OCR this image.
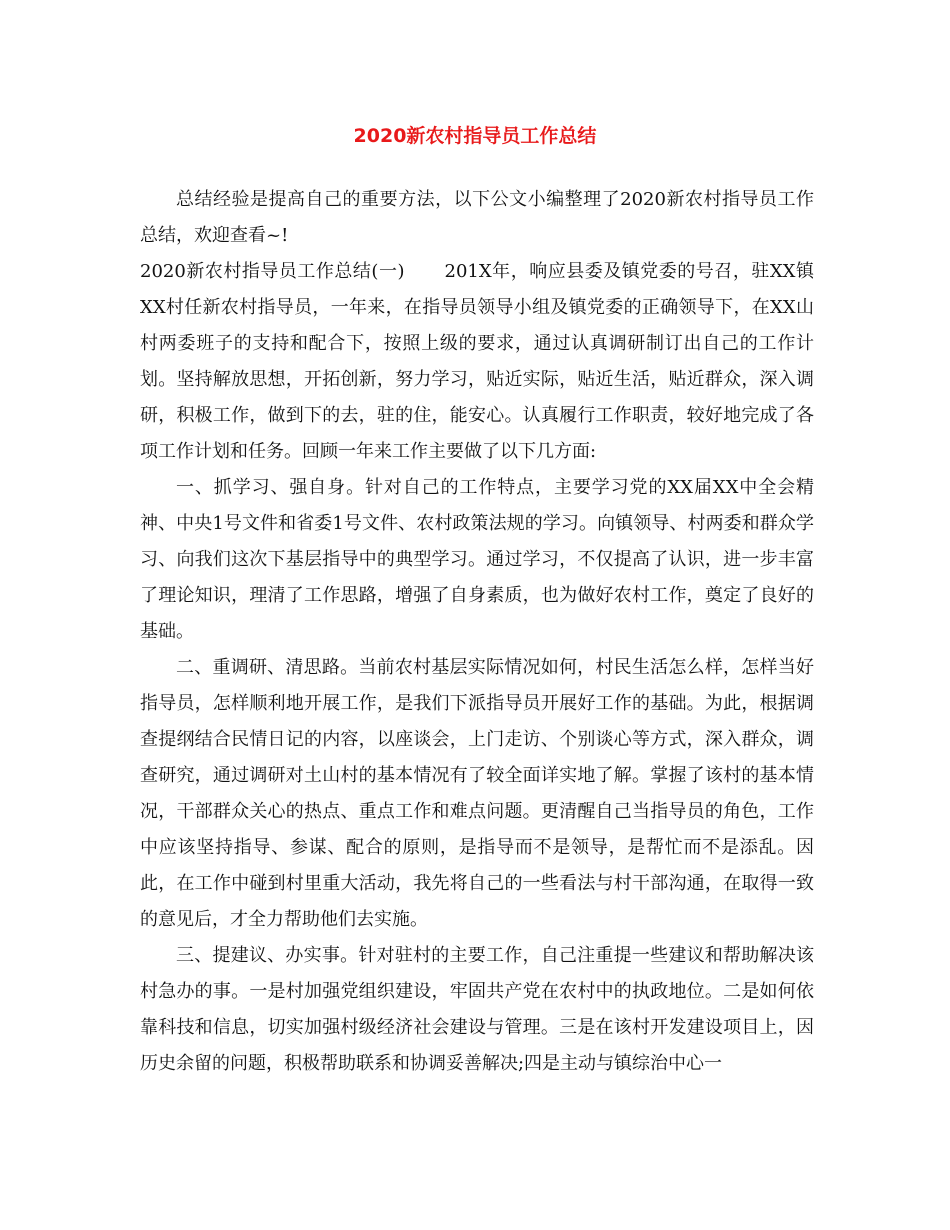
2020新农村指导员工作总结

总结经验是提高自己的重要方法，以下公文小编整理了2020新农村指导员工作总结，欢迎查看~!

2020新农村指导员工作总结(一) 201X年，响应县委及镇党委的号召，驻XX镇XX村任新农村指导员，一年来，在指导员领导小组及镇党委的正确领导下，在XX山村两委班子的支持和配合下，按照上级的要求，通过认真调研制订出自己的工作计划。坚持解放思想，开拓创新，努力学习，贴近实际，贴近生活，贴近群众，深入调研，积极工作，做到下的去，驻的住，能安心。认真履行工作职责，较好地完成了各项工作计划和任务。回顾一年来工作主要做了以下几方面:

一、抓学习、强自身。针对自己的工作特点，主要学习党的XX届XX中全会精神、中央1号文件和省委1号文件、农村政策法规的学习。向镇领导、村两委和群众学习、向我们这次下基层指导中的典型学习。通过学习，不仅提高了认识，进一步丰富了理论知识，理清了工作思路，增强了自身素质，也为做好农村工作，奠定了良好的基础。

二、重调研、清思路。当前农村基层实际情况如何，村民生活怎么样，怎样当好指导员，怎样顺利地开展工作，是我们下派指导员开展好工作的基础。为此，根据调查提纲结合民情日记的内容，以座谈会，上门走访、个别谈心等方式，深入群众，调查研究，通过调研对土山村的基本情况有了较全面详实地了解。掌握了该村的基本情况，干部群众关心的热点、重点工作和难点问题。更清醒自己当指导员的角色，工作中应该坚持指导、参谋、配合的原则，是指导而不是领导，是帮忙而不是添乱。因此，在工作中碰到村里重大活动，我先将自己的一些看法与村干部沟通，在取得一致的意见后，才全力帮助他们去实施。

三、提建议、办实事。针对驻村的主要工作，自己注重提一些建议和帮助解决该村急办的事。一是村加强党组织建设，牢固共产党在农村中的执政地位。二是如何依靠科技和信息，切实加强村级经济社会建设与管理。三是在该村开发建设项目上，因历史余留的问题，积极帮助联系和协调妥善解决;四是主动与镇综治中心一
